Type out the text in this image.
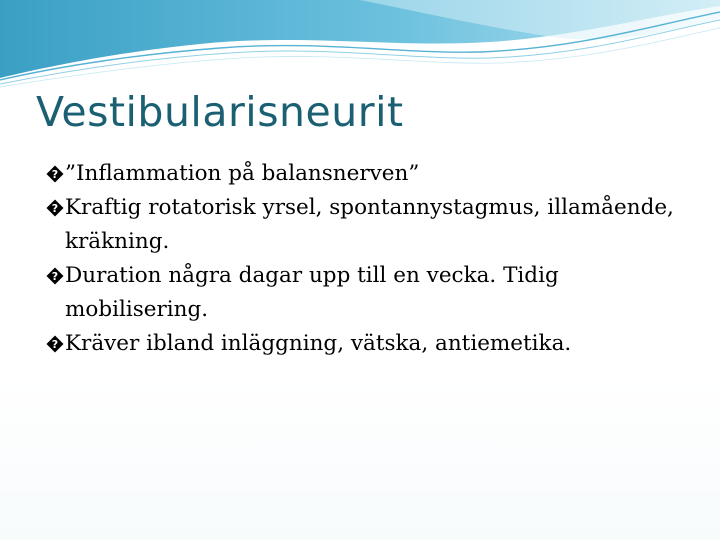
Vestibularisneurit
? ”Inflammation på balansnerven”
? Kraftig rotatorisk yrsel, spontannystagmus, illamående, kräkning.
? Duration några dagar upp till en vecka. Tidig mobilisering.
? Kräver ibland inläggning, vätska, antiemetika.
